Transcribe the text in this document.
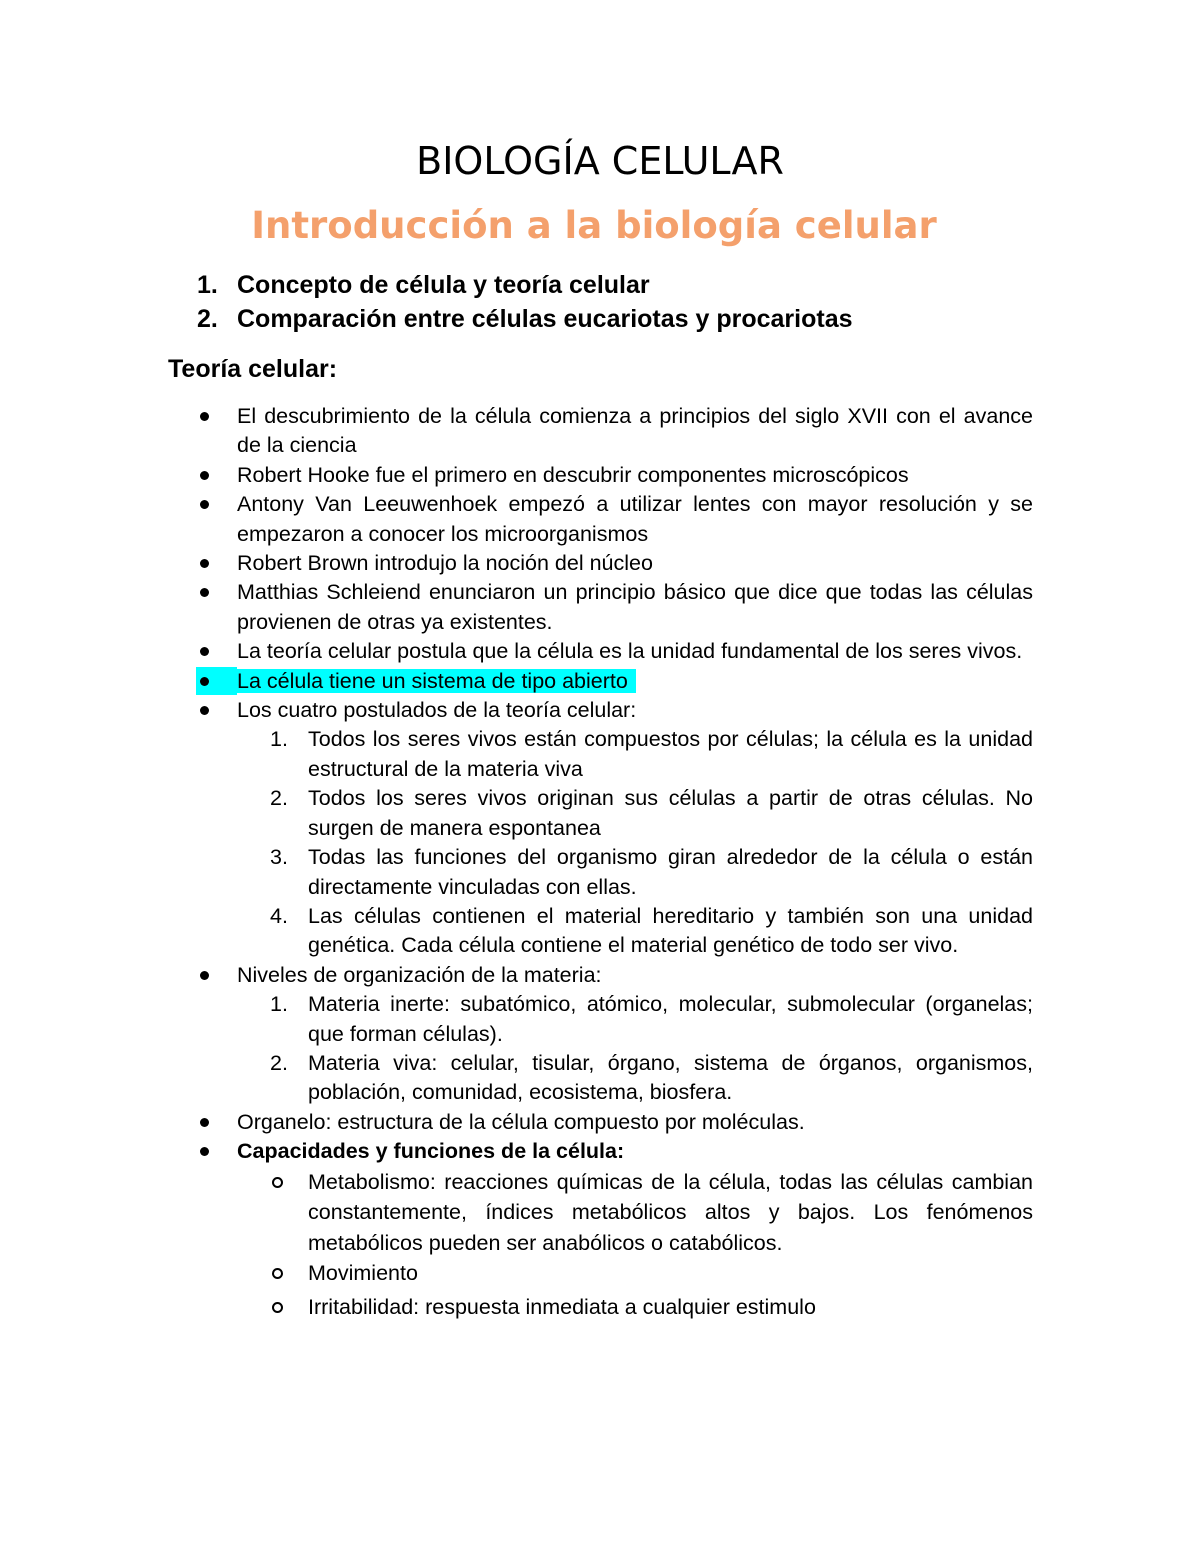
BIOLOGÍA CELULAR
Introducción a la biología celular
1. Concepto de célula y teoría celular
2. Comparación entre células eucariotas y procariotas
Teoría celular:
El descubrimiento de la célula comienza a principios del siglo XVII con el avance de la ciencia
Robert Hooke fue el primero en descubrir componentes microscópicos
Antony Van Leeuwenhoek empezó a utilizar lentes con mayor resolución y se empezaron a conocer los microorganismos
Robert Brown introdujo la noción del núcleo
Matthias Schleiend enunciaron un principio básico que dice que todas las células provienen de otras ya existentes.
La teoría celular postula que la célula es la unidad fundamental de los seres vivos.
La célula tiene un sistema de tipo abierto
Los cuatro postulados de la teoría celular:
1. Todos los seres vivos están compuestos por células; la célula es la unidad estructural de la materia viva
2. Todos los seres vivos originan sus células a partir de otras células. No surgen de manera espontanea
3. Todas las funciones del organismo giran alrededor de la célula o están directamente vinculadas con ellas.
4. Las células contienen el material hereditario y también son una unidad genética. Cada célula contiene el material genético de todo ser vivo.
Niveles de organización de la materia:
1. Materia inerte: subatómico, atómico, molecular, submolecular (organelas; que forman células).
2. Materia viva: celular, tisular, órgano, sistema de órganos, organismos, población, comunidad, ecosistema, biosfera.
Organelo: estructura de la célula compuesto por moléculas.
Capacidades y funciones de la célula:
Metabolismo: reacciones químicas de la célula, todas las células cambian constantemente, índices metabólicos altos y bajos. Los fenómenos metabólicos pueden ser anabólicos o catabólicos.
Movimiento
Irritabilidad: respuesta inmediata a cualquier estimulo
